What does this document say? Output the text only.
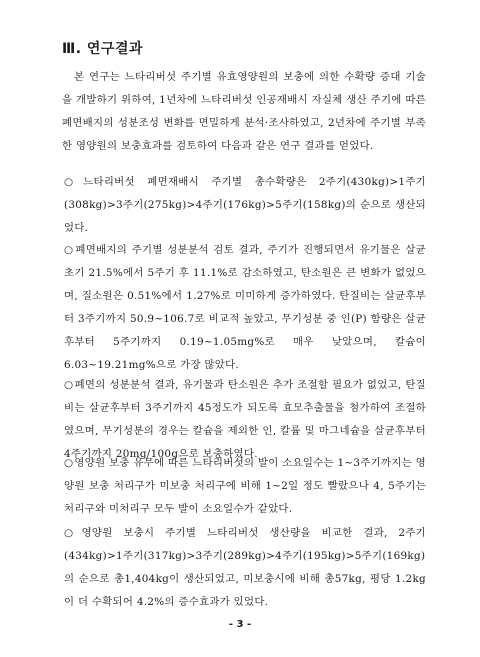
Ⅲ. 연구결과

본 연구는 느타리버섯 주기별 유효영양원의 보충에 의한 수확량 증대 기술을 개발하기 위하여, 1년차에 느타리버섯 인공재배시 자실체 생산 주기에 따른 폐면배지의 성분조성 변화를 면밀하게 분석·조사하였고, 2년차에 주기별 부족한 영양원의 보충효과를 검토하여 다음과 같은 연구 결과를 얻었다.

○느타리버섯 폐면재배시 주기별 총수확량은 2주기(430kg)>1주기(308kg)>3주기(275kg)>4주기(176kg)>5주기(158kg)의 순으로 생산되었다.
○폐면배지의 주기별 성분분석 검토 결과, 주기가 진행되면서 유기물은 살균 초기 21.5%에서 5주기 후 11.1%로 감소하였고, 탄소원은 큰 변화가 없었으며, 질소원은 0.51%에서 1.27%로 미미하게 증가하였다. 탄질비는 살균후부터 3주기까지 50.9~106.7로 비교적 높았고, 무기성분 중 인(P) 함량은 살균후부터 5주기까지 0.19~1.05mg%로 매우 낮았으며, 칼슘이 6.03~19.21mg%으로 가장 많았다.
○폐면의 성분분석 결과, 유기물과 탄소원은 추가 조절할 필요가 없었고, 탄질비는 살균후부터 3주기까지 45정도가 되도록 효모추출물을 첨가하여 조절하였으며, 무기성분의 경우는 칼슘을 제외한 인, 칼륨 및 마그네슘을 살균후부터 4주기까지 20mg/100g으로 보충하였다.
○영양원 보충 유무에 따른 느타리버섯의 발이 소요일수는 1~3주기까지는 영양원 보충 처리구가 미보충 처리구에 비해 1~2일 정도 빨랐으나 4, 5주기는 처리구와 미처리구 모두 발이 소요일수가 같았다.
○영양원 보충시 주기별 느타리버섯 생산량을 비교한 결과, 2주기(434kg)>1주기(317kg)>3주기(289kg)>4주기(195kg)>5주기(169kg)의 순으로 총1,404kg이 생산되었고, 미보충시에 비해 총57kg, 평당 1.2kg이 더 수확되어 4.2%의 증수효과가 있었다.
- 3 -
